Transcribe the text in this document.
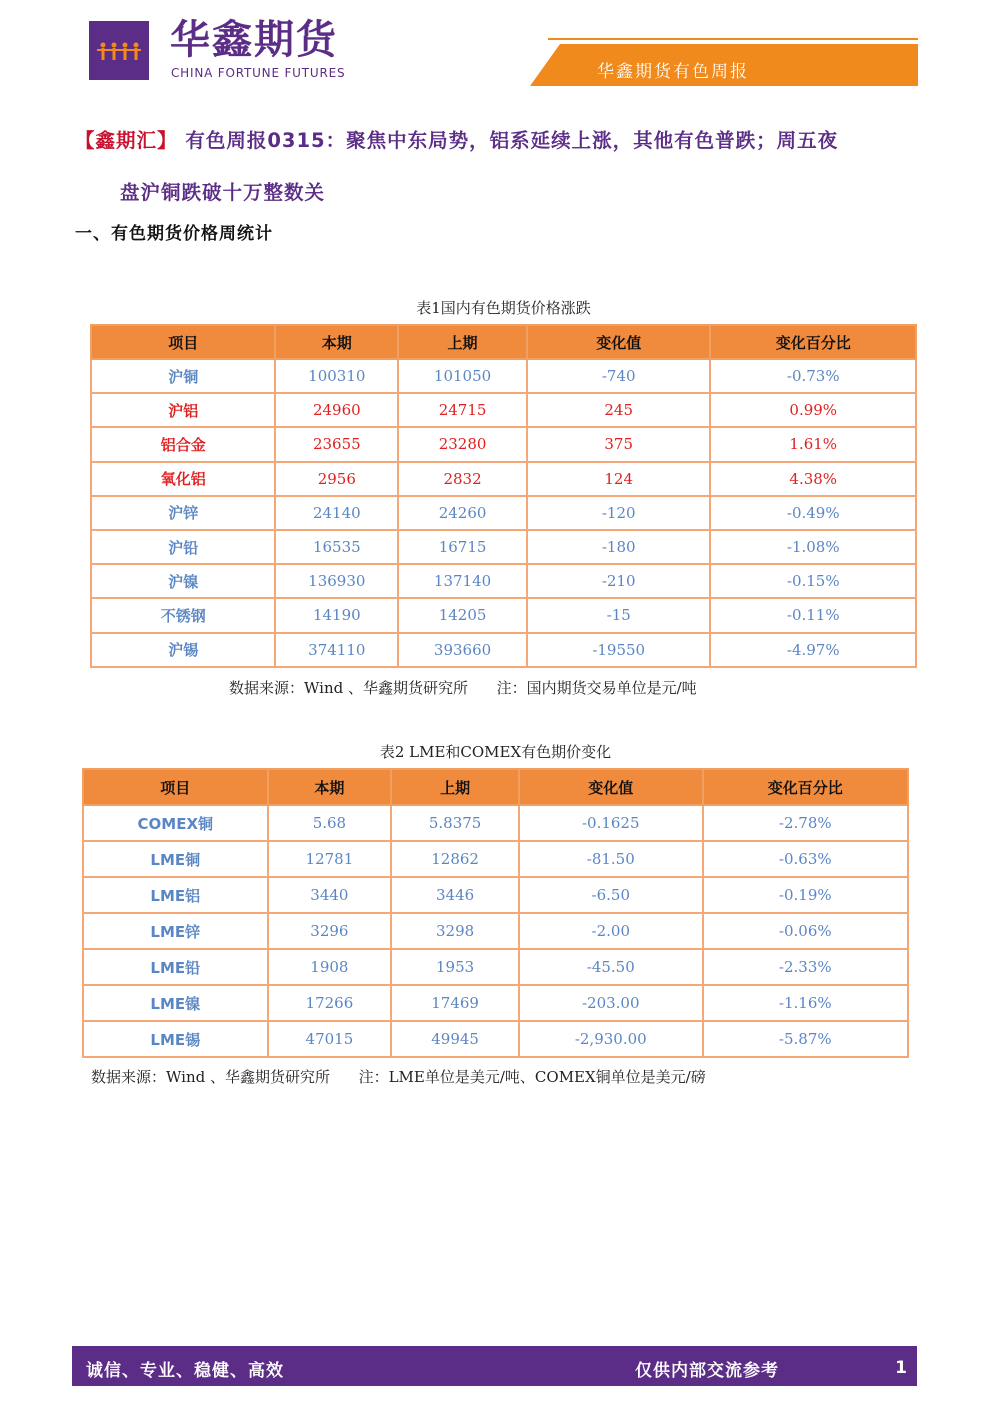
华鑫期货
CHINA FORTUNE FUTURES	华鑫期货有色周报
【鑫期汇】 有色周报0315：聚焦中东局势，铝系延续上涨，其他有色普跌；周五夜
盘沪铜跌破十万整数关
一、有色期货价格周统计
表1国内有色期货价格涨跌
项目	本期	上期	变化值	变化百分比
沪铜	100310	101050	-740	-0.73%
沪铝	24960	24715	245	0.99%
铝合金	23655	23280	375	1.61%
氧化铝	2956	2832	124	4.38%
沪锌	24140	24260	-120	-0.49%
沪铅	16535	16715	-180	-1.08%
沪镍	136930	137140	-210	-0.15%
不锈钢	14190	14205	-15	-0.11%
沪锡	374110	393660	-19550	-4.97%
数据来源：Wind 、华鑫期货研究所      注：国内期货交易单位是元/吨
表2 LME和COMEX有色期价变化
项目	本期	上期	变化值	变化百分比
COMEX铜	5.68	5.8375	-0.1625	-2.78%
LME铜	12781	12862	-81.50	-0.63%
LME铝	3440	3446	-6.50	-0.19%
LME锌	3296	3298	-2.00	-0.06%
LME铅	1908	1953	-45.50	-2.33%
LME镍	17266	17469	-203.00	-1.16%
LME锡	47015	49945	-2,930.00	-5.87%
数据来源：Wind 、华鑫期货研究所      注：LME单位是美元/吨、COMEX铜单位是美元/磅
诚信、专业、稳健、高效	仅供内部交流参考	1
